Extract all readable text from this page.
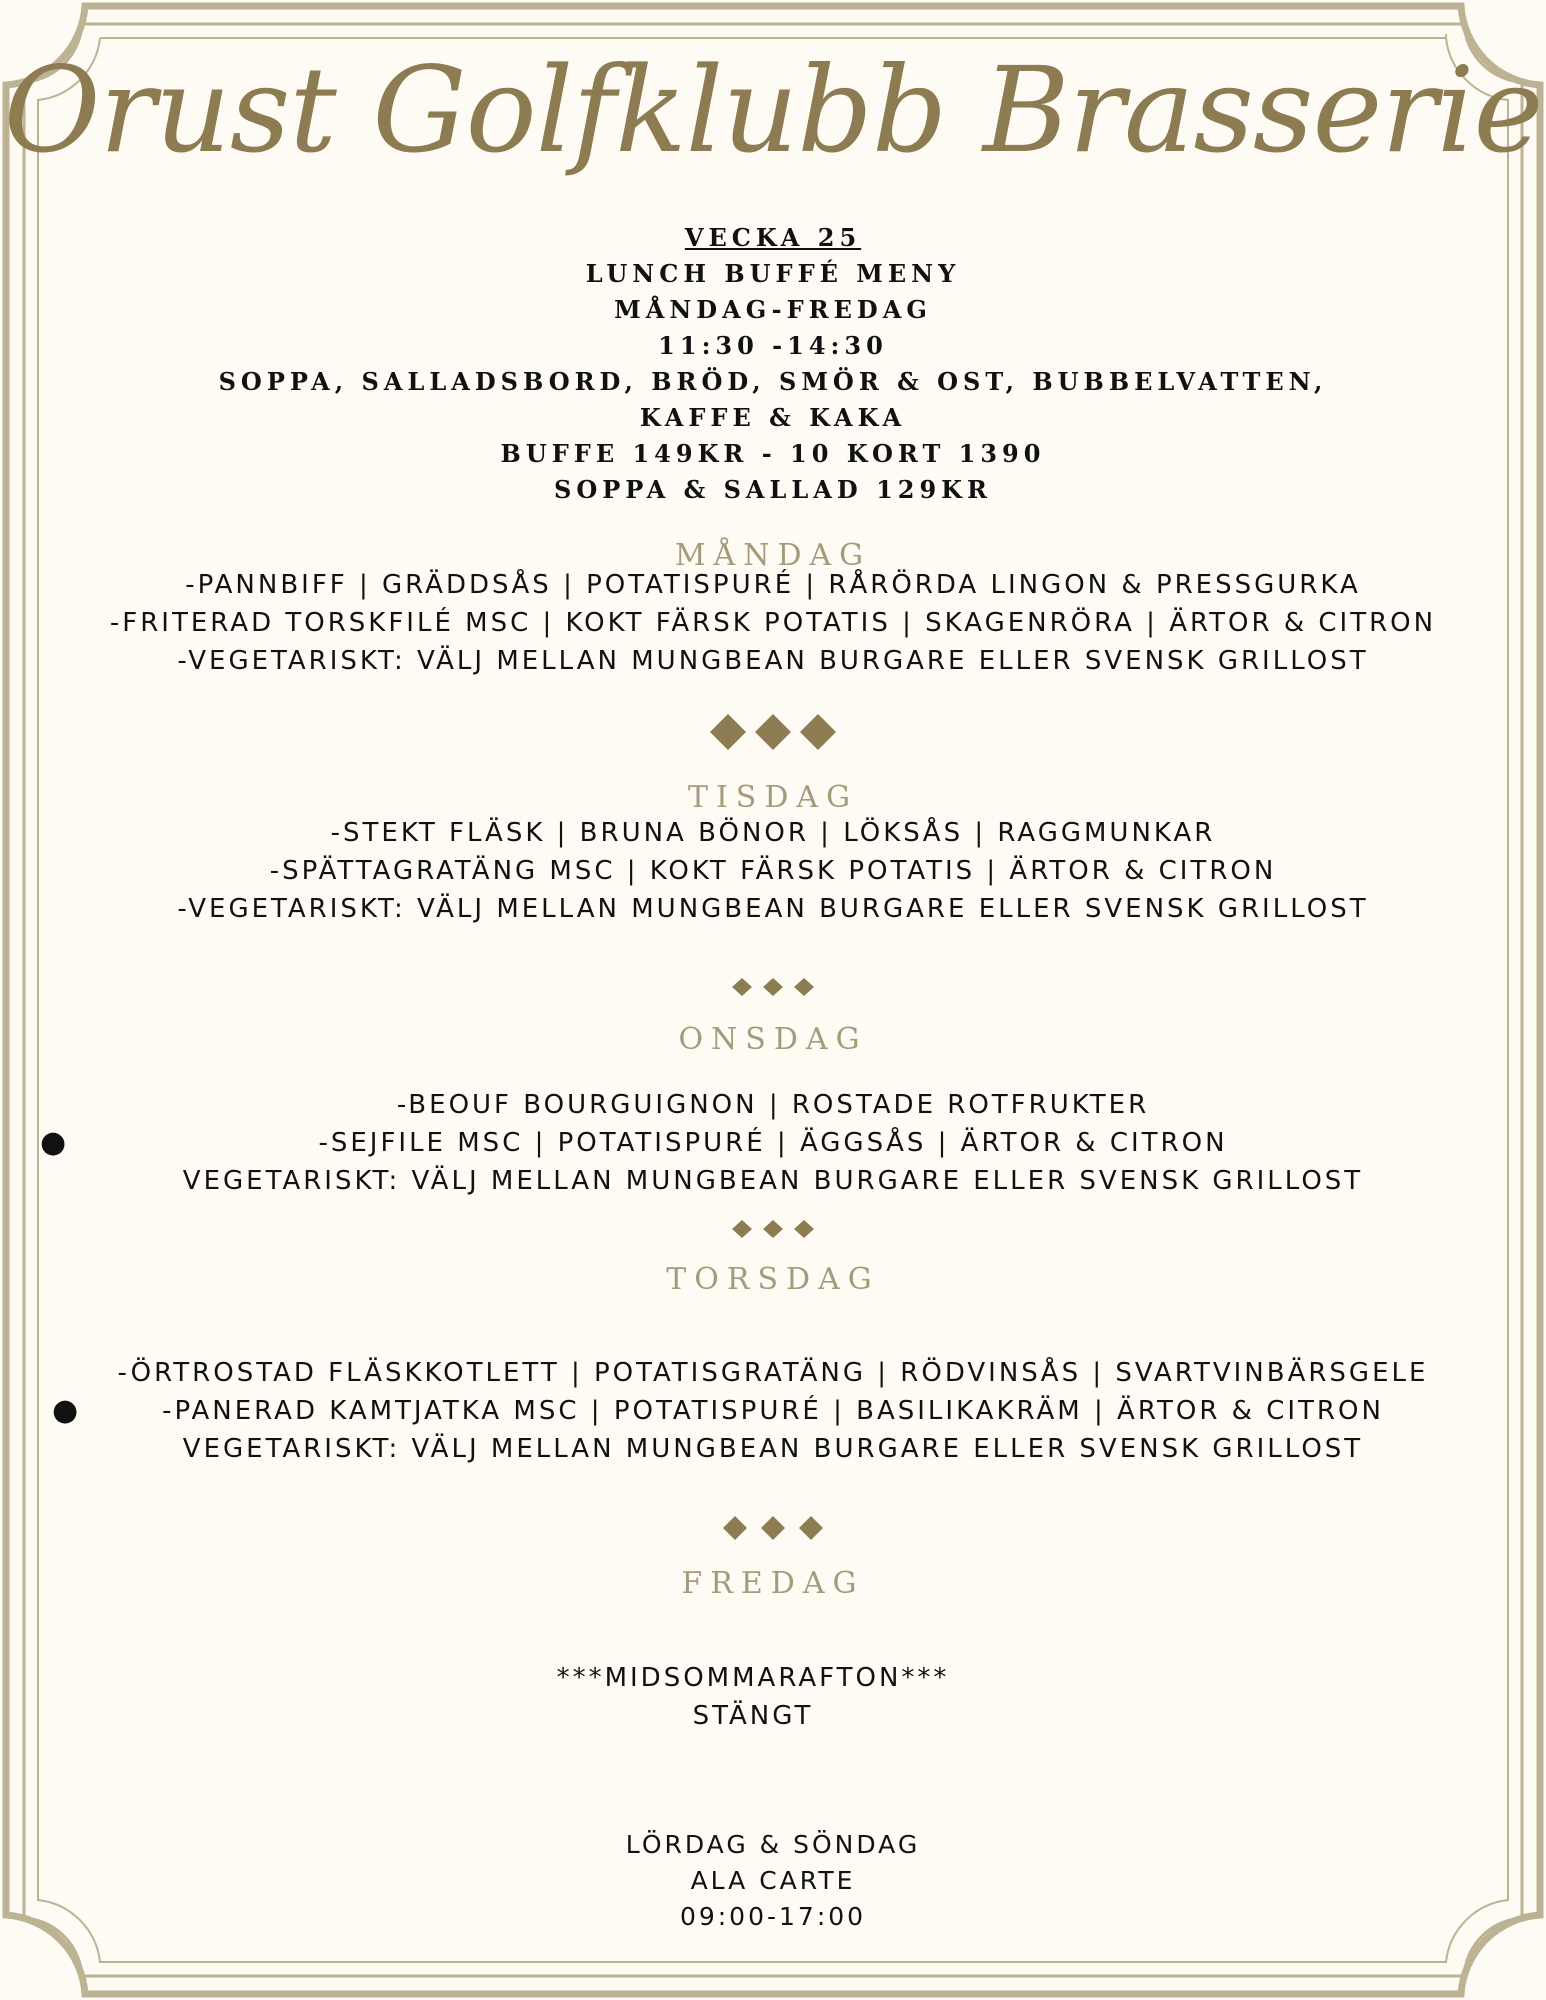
Orust Golfklubb Brasserie
VECKA 25
LUNCH BUFFÉ MENY
MÅNDAG-FREDAG
11:30 -14:30
SOPPA, SALLADSBORD, BRÖD, SMÖR & OST, BUBBELVATTEN,
KAFFE & KAKA
BUFFE 149KR - 10 KORT 1390
SOPPA & SALLAD 129KR
MÅNDAG
-PANNBIFF | GRÄDDSÅS | POTATISPURÉ | RÅRÖRDA LINGON & PRESSGURKA
-FRITERAD TORSKFILÉ MSC | KOKT FÄRSK POTATIS | SKAGENRÖRA | ÄRTOR & CITRON
-VEGETARISKT: VÄLJ MELLAN MUNGBEAN BURGARE ELLER SVENSK GRILLOST
TISDAG
-STEKT FLÄSK | BRUNA BÖNOR | LÖKSÅS | RAGGMUNKAR
-SPÄTTAGRATÄNG MSC | KOKT FÄRSK POTATIS | ÄRTOR & CITRON
-VEGETARISKT: VÄLJ MELLAN MUNGBEAN BURGARE ELLER SVENSK GRILLOST
ONSDAG
-BEOUF BOURGUIGNON | ROSTADE ROTFRUKTER
-SEJFILE MSC | POTATISPURÉ | ÄGGSÅS | ÄRTOR & CITRON
VEGETARISKT: VÄLJ MELLAN MUNGBEAN BURGARE ELLER SVENSK GRILLOST
●
TORSDAG
-ÖRTROSTAD FLÄSKKOTLETT | POTATISGRATÄNG | RÖDVINSÅS | SVARTVINBÄRSGELE
-PANERAD KAMTJATKA MSC | POTATISPURÉ | BASILIKAKRÄM | ÄRTOR & CITRON
VEGETARISKT: VÄLJ MELLAN MUNGBEAN BURGARE ELLER SVENSK GRILLOST
●
FREDAG
***MIDSOMMARAFTON***
STÄNGT
LÖRDAG & SÖNDAG
ALA CARTE
09:00-17:00
